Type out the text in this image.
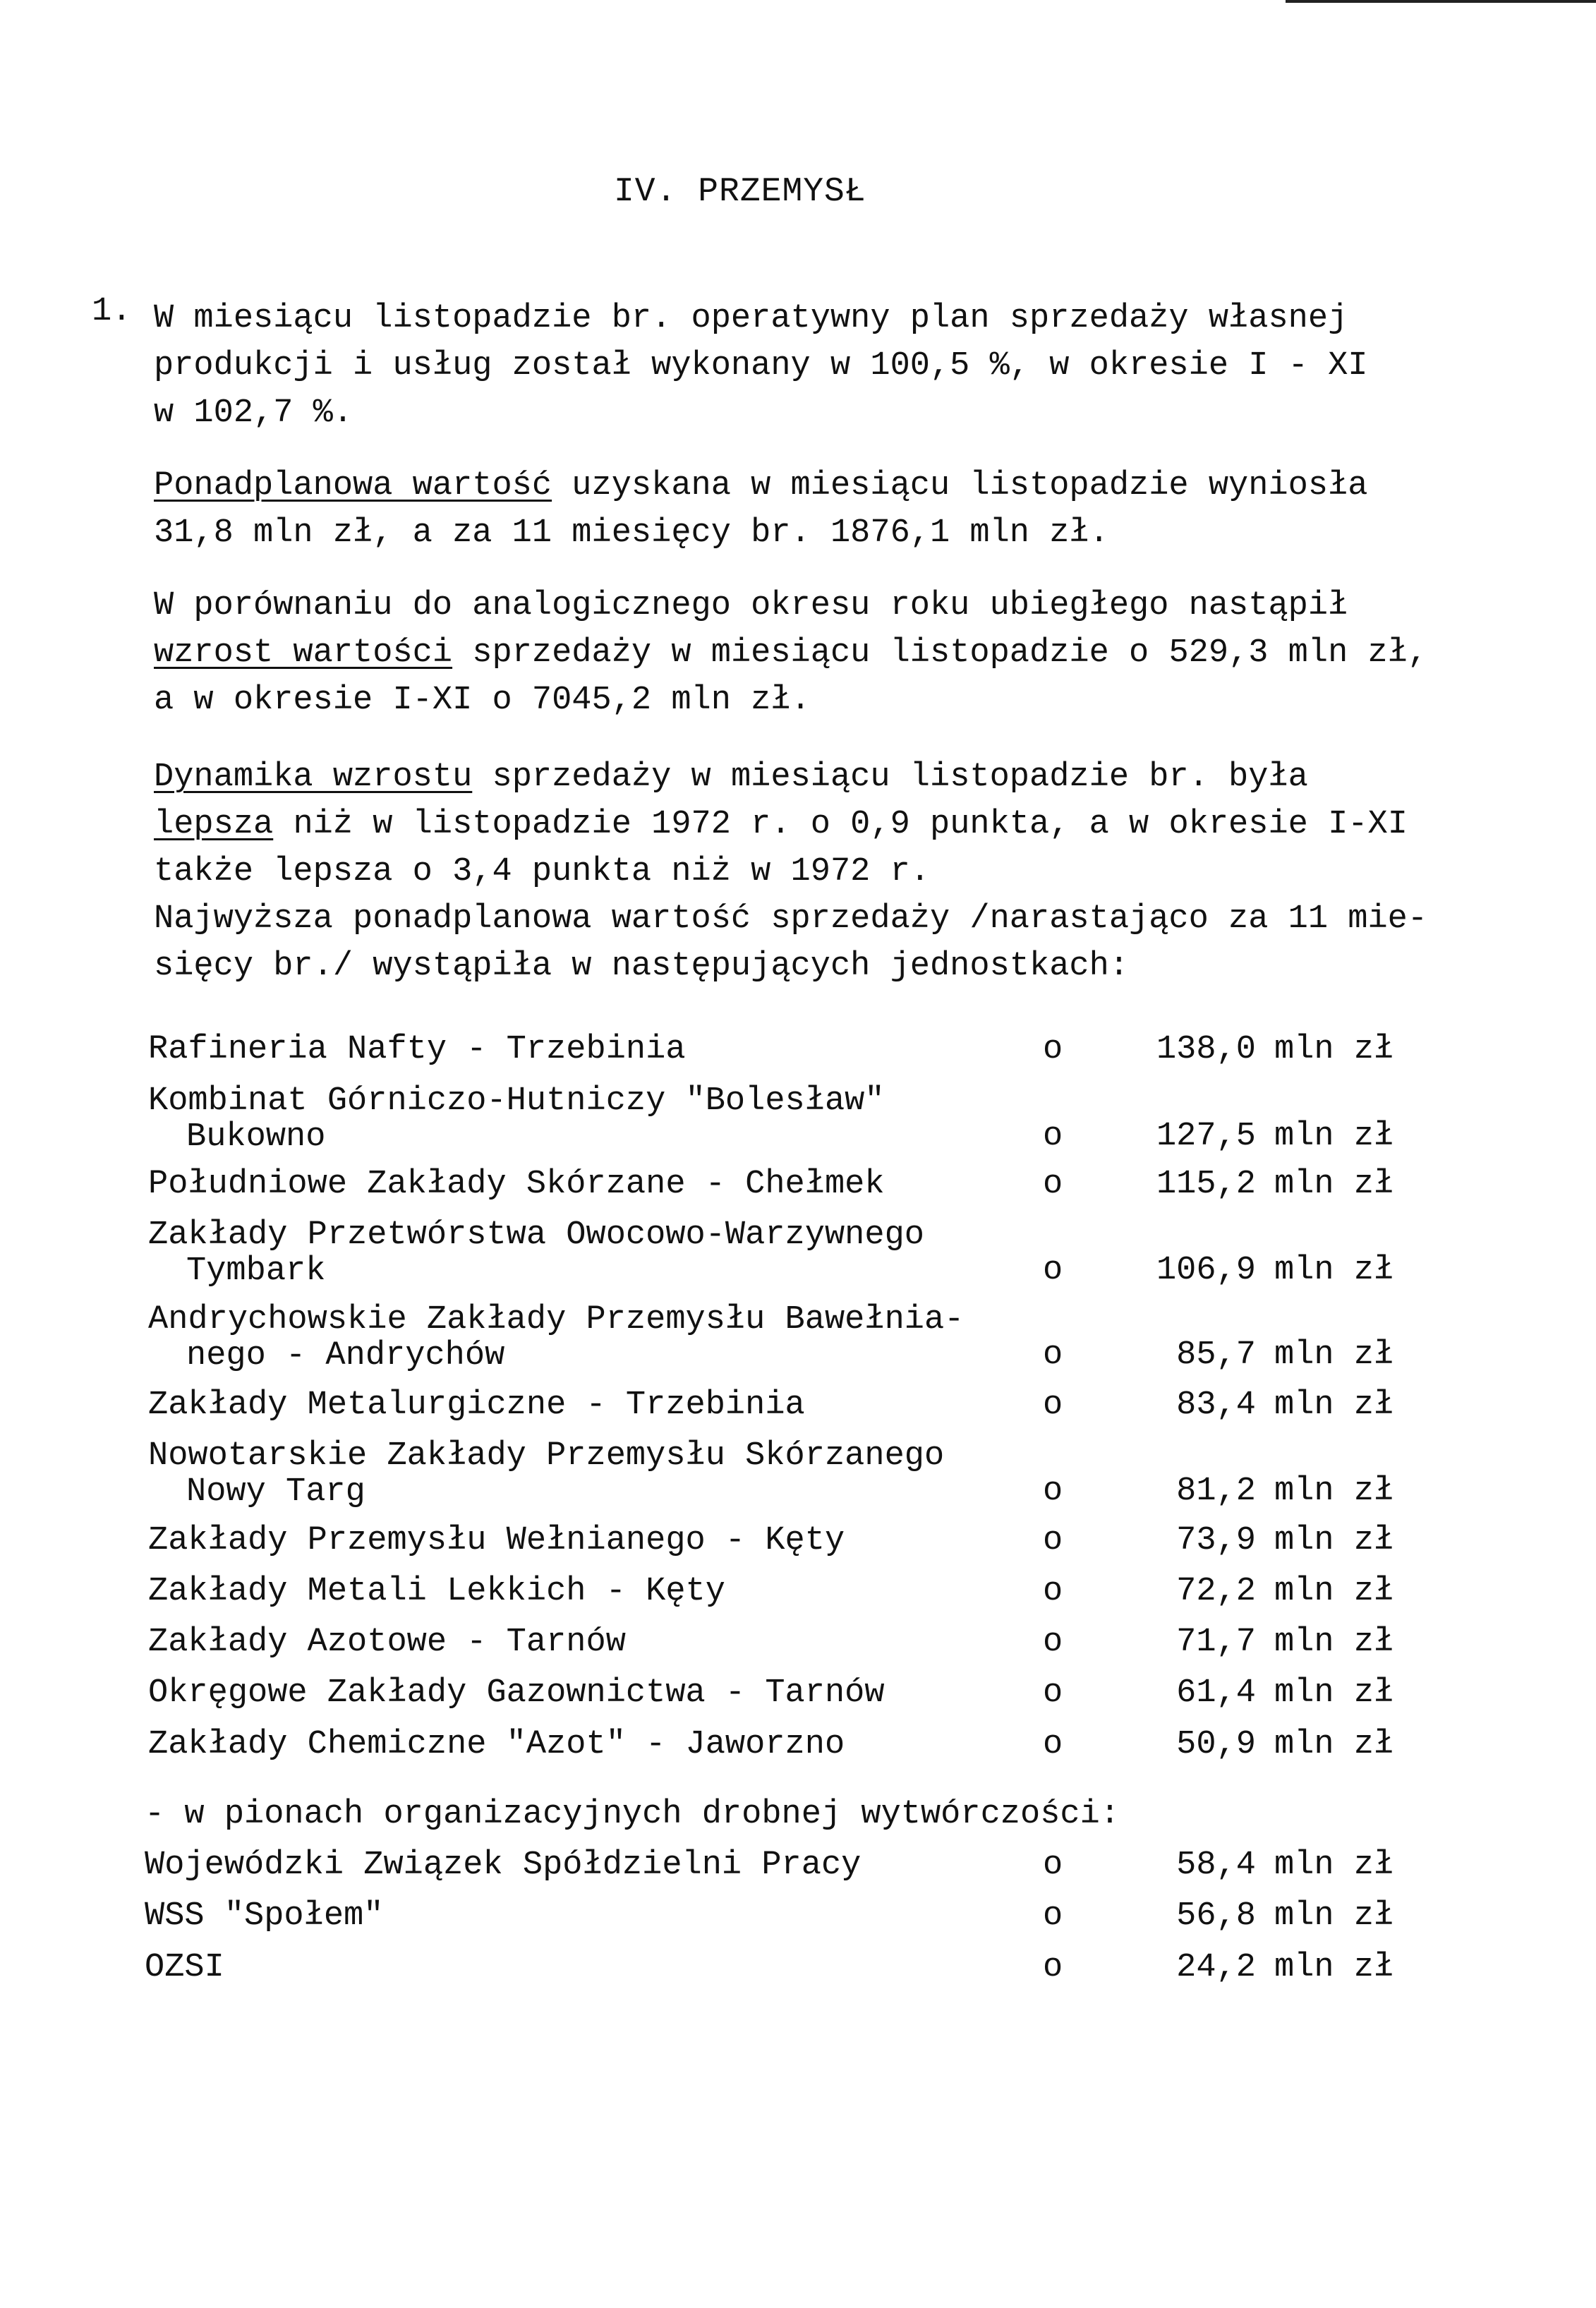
IV. PRZEMYSŁ
1. W miesiącu listopadzie br. operatywny plan sprzedaży własnej
produkcji i usług został wykonany w 100,5 %, w okresie I - XI
w 102,7 %.
Ponadplanowa wartość uzyskana w miesiącu listopadzie wyniosła
31,8 mln zł, a za 11 miesięcy br. 1876,1 mln zł.
W porównaniu do analogicznego okresu roku ubiegłego nastąpił
wzrost wartości sprzedaży w miesiącu listopadzie o 529,3 mln zł,
a w okresie I-XI o 7045,2 mln zł.
Dynamika wzrostu sprzedaży w miesiącu listopadzie br. była
lepsza niż w listopadzie 1972 r. o 0,9 punkta, a w okresie I-XI
także lepsza o 3,4 punkta niż w 1972 r.
Najwyższa ponadplanowa wartość sprzedaży /narastająco za 11 mie-
sięcy br./ wystąpiła w następujących jednostkach:
Rafineria Nafty - Trzebinia	o	138,0 mln zł
Kombinat Górniczo-Hutniczy "Bolesław"
Bukowno	o	127,5 mln zł
Południowe Zakłady Skórzane - Chełmek	o	115,2 mln zł
Zakłady Przetwórstwa Owocowo-Warzywnego
Tymbark	o	106,9 mln zł
Andrychowskie Zakłady Przemysłu Bawełnia-
nego - Andrychów	o	85,7 mln zł
Zakłady Metalurgiczne - Trzebinia	o	83,4 mln zł
Nowotarskie Zakłady Przemysłu Skórzanego
Nowy Targ	o	81,2 mln zł
Zakłady Przemysłu Wełnianego - Kęty	o	73,9 mln zł
Zakłady Metali Lekkich - Kęty	o	72,2 mln zł
Zakłady Azotowe - Tarnów	o	71,7 mln zł
Okręgowe Zakłady Gazownictwa - Tarnów	o	61,4 mln zł
Zakłady Chemiczne "Azot" - Jaworzno	o	50,9 mln zł
- w pionach organizacyjnych drobnej wytwórczości:
Wojewódzki Związek Spółdzielni Pracy	o	58,4 mln zł
WSS "Społem"	o	56,8 mln zł
OZSI	o	24,2 mln zł
